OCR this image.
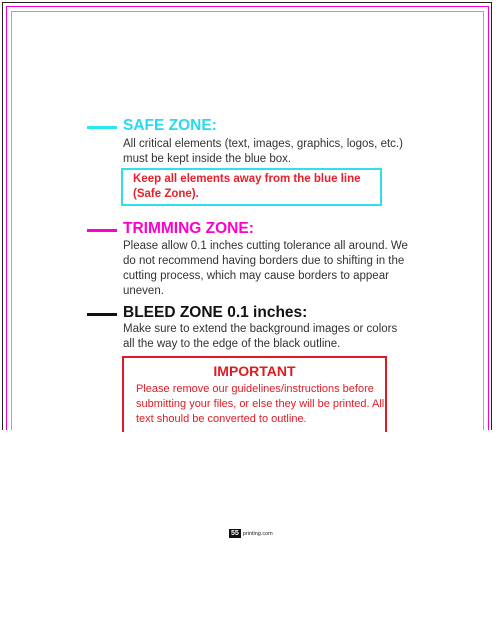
SAFE ZONE:
All critical elements (text, images, graphics, logos, etc.) must be kept inside the blue box.
Keep all elements away from the blue line (Safe Zone).
TRIMMING ZONE:
Please allow 0.1 inches cutting tolerance all around. We do not recommend having borders due to shifting in the cutting process, which may cause borders to appear uneven.
BLEED ZONE 0.1 inches:
Make sure to extend the background images or colors all the way to the edge of the black outline.
IMPORTANT
Please remove our guidelines/instructions before submitting your files, or else they will be printed. All text should be converted to outline.
55 printing.com
